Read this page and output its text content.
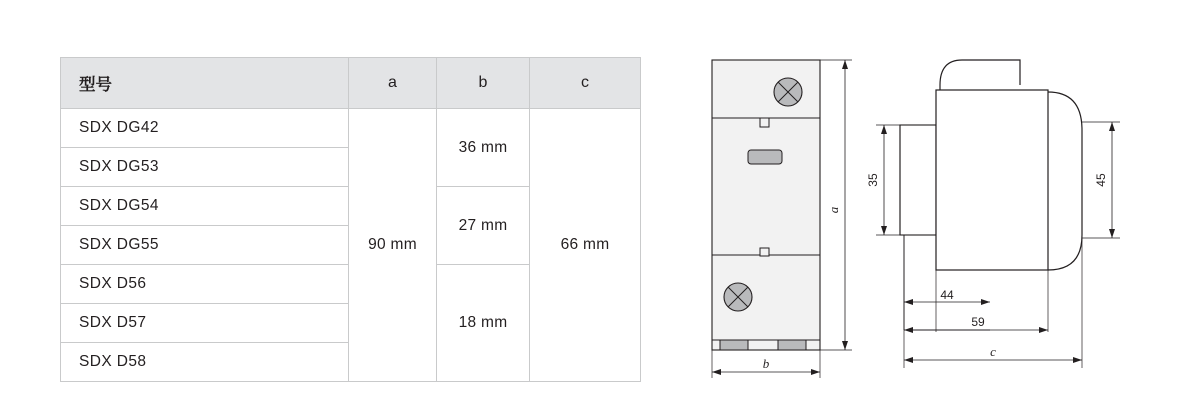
型号	a	b	c
SDX DG42	90 mm	36 mm	66 mm
SDX DG53			
SDX DG54		27 mm	
SDX DG55			
SDX D56		18 mm	
SDX D57			
SDX D58			
a
b
35	45
44
59
c
